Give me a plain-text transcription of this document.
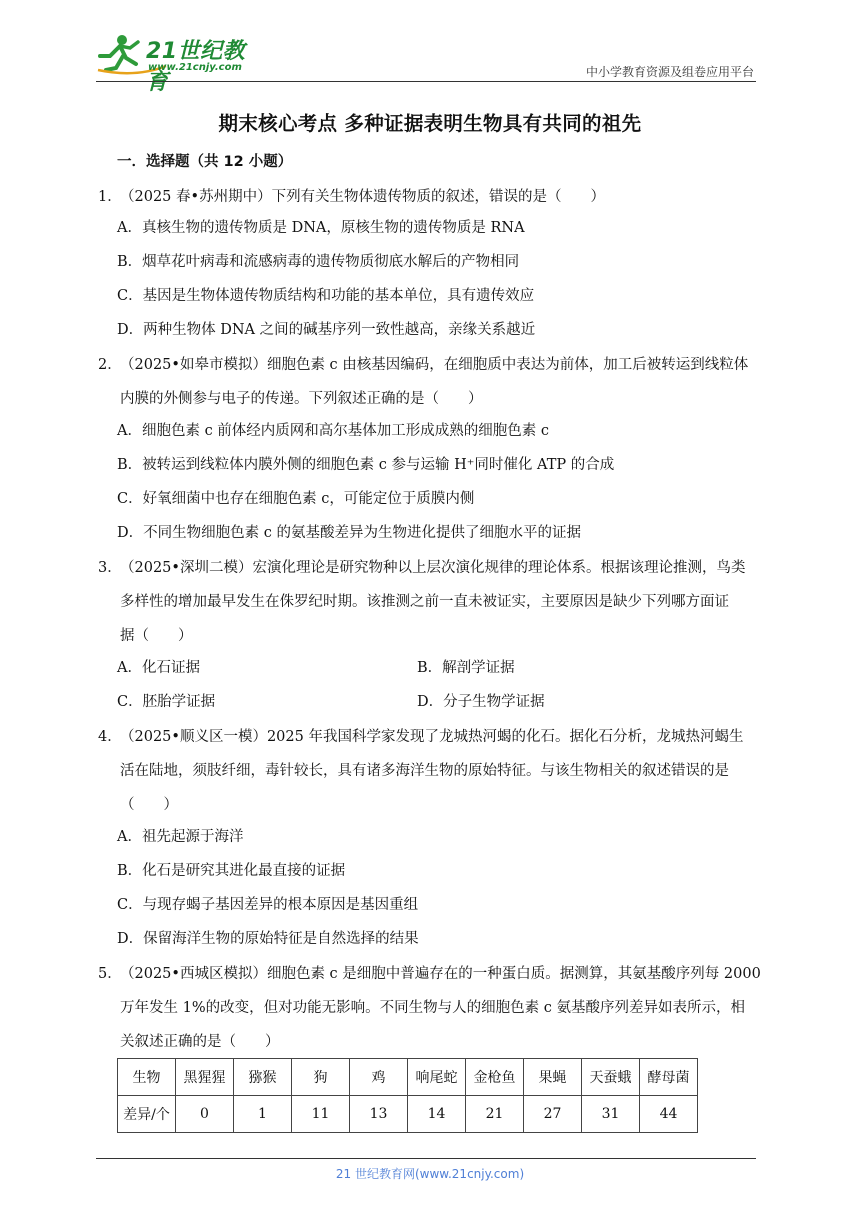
21世纪教育
www.21cnjy.com	中小学教育资源及组卷应用平台
期末核心考点 多种证据表明生物具有共同的祖先
一．选择题（共 12 小题）
1．
（2025 春•苏州期中）下列有关生物体遗传物质的叙述，错误的是（　　）
A．真核生物的遗传物质是 DNA，原核生物的遗传物质是 RNA
B．烟草花叶病毒和流感病毒的遗传物质彻底水解后的产物相同
C．基因是生物体遗传物质结构和功能的基本单位，具有遗传效应
D．两种生物体 DNA 之间的碱基序列一致性越高，亲缘关系越近
2．
（2025•如皋市模拟）细胞色素 c 由核基因编码，在细胞质中表达为前体，加工后被转运到线粒体
内膜的外侧参与电子的传递。下列叙述正确的是（　　）
A．细胞色素 c 前体经内质网和高尔基体加工形成成熟的细胞色素 c
B．被转运到线粒体内膜外侧的细胞色素 c 参与运输 H⁺同时催化 ATP 的合成
C．好氧细菌中也存在细胞色素 c，可能定位于质膜内侧
D．不同生物细胞色素 c 的氨基酸差异为生物进化提供了细胞水平的证据
3．
（2025•深圳二模）宏演化理论是研究物种以上层次演化规律的理论体系。根据该理论推测，鸟类
多样性的增加最早发生在侏罗纪时期。该推测之前一直未被证实，主要原因是缺少下列哪方面证
据（　　）
A．化石证据	B．解剖学证据
C．胚胎学证据	D．分子生物学证据
4．
（2025•顺义区一模）2025 年我国科学家发现了龙城热河蝎的化石。据化石分析，龙城热河蝎生
活在陆地，须肢纤细，毒针较长，具有诸多海洋生物的原始特征。与该生物相关的叙述错误的是
（　　）
A．祖先起源于海洋
B．化石是研究其进化最直接的证据
C．与现存蝎子基因差异的根本原因是基因重组
D．保留海洋生物的原始特征是自然选择的结果
5．
（2025•西城区模拟）细胞色素 c 是细胞中普遍存在的一种蛋白质。据测算，其氨基酸序列每 2000
万年发生 1%的改变，但对功能无影响。不同生物与人的细胞色素 c 氨基酸序列差异如表所示，相
关叙述正确的是（　　）
生物	黑猩猩	猕猴	狗	鸡	响尾蛇	金枪鱼	果蝇	天蚕蛾	酵母菌
差异/个	0	1	11	13	14	21	27	31	44
21 世纪教育网(www.21cnjy.com)
